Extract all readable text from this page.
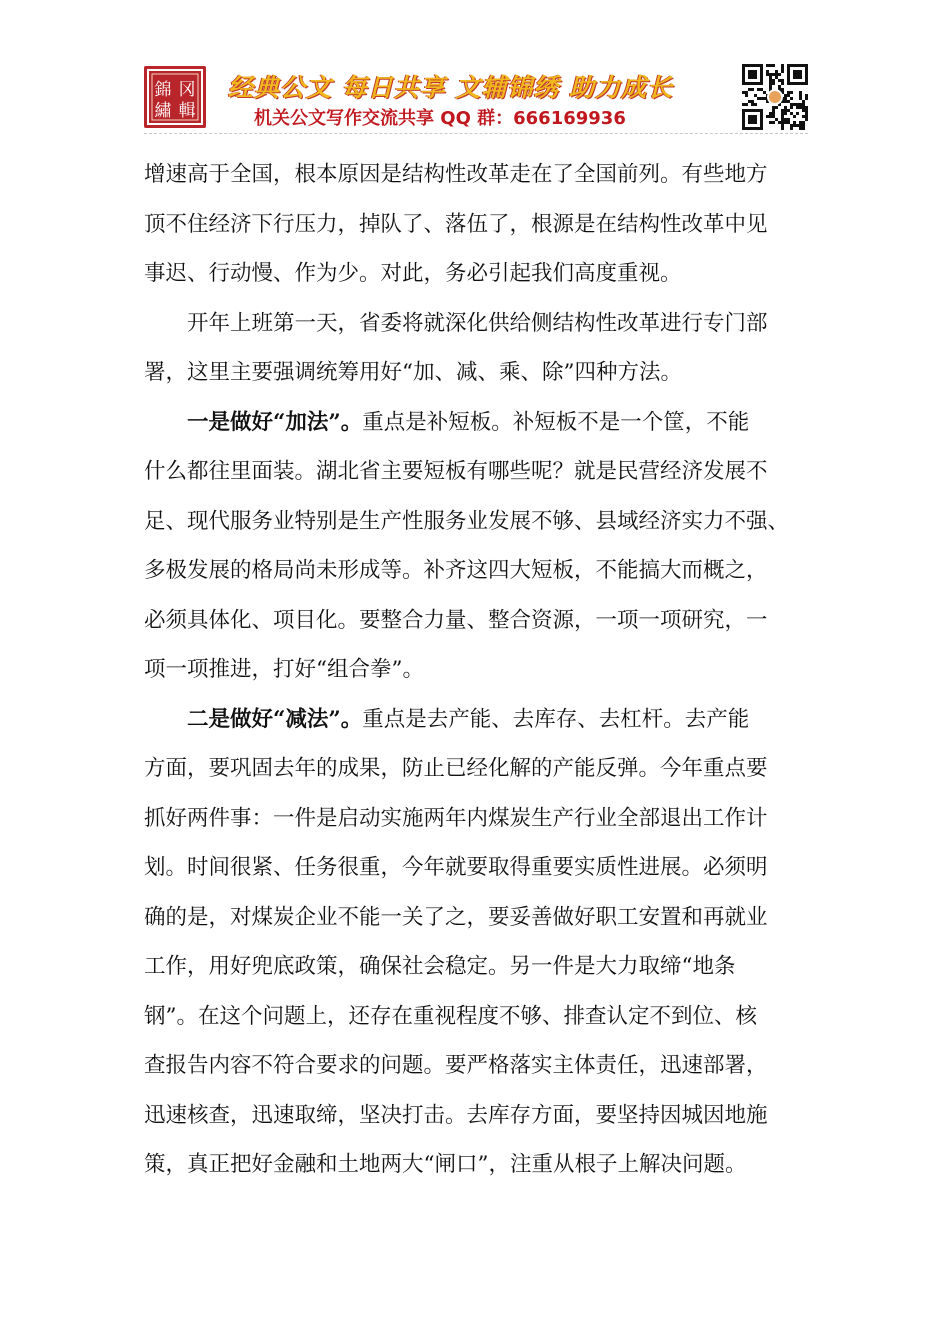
錦 冈
繡 輯
经典公文 每日共享 文辅锦绣 助力成长
机关公文写作交流共享 QQ 群：666169936

增速高于全国，根本原因是结构性改革走在了全国前列。有些地方
顶不住经济下行压力，掉队了、落伍了，根源是在结构性改革中见
事迟、行动慢、作为少。对此，务必引起我们高度重视。

开年上班第一天，省委将就深化供给侧结构性改革进行专门部
署，这里主要强调统筹用好“加、减、乘、除”四种方法。

一是做好“加法”。重点是补短板。补短板不是一个筐，不能
什么都往里面装。湖北省主要短板有哪些呢？就是民营经济发展不
足、现代服务业特别是生产性服务业发展不够、县域经济实力不强、
多极发展的格局尚未形成等。补齐这四大短板，不能搞大而概之，
必须具体化、项目化。要整合力量、整合资源，一项一项研究，一
项一项推进，打好“组合拳”。

二是做好“减法”。重点是去产能、去库存、去杠杆。去产能
方面，要巩固去年的成果，防止已经化解的产能反弹。今年重点要
抓好两件事：一件是启动实施两年内煤炭生产行业全部退出工作计
划。时间很紧、任务很重，今年就要取得重要实质性进展。必须明
确的是，对煤炭企业不能一关了之，要妥善做好职工安置和再就业
工作，用好兜底政策，确保社会稳定。另一件是大力取缔“地条
钢”。在这个问题上，还存在重视程度不够、排查认定不到位、核
查报告内容不符合要求的问题。要严格落实主体责任，迅速部署，
迅速核查，迅速取缔，坚决打击。去库存方面，要坚持因城因地施
策，真正把好金融和土地两大“闸口”，注重从根子上解决问题。
